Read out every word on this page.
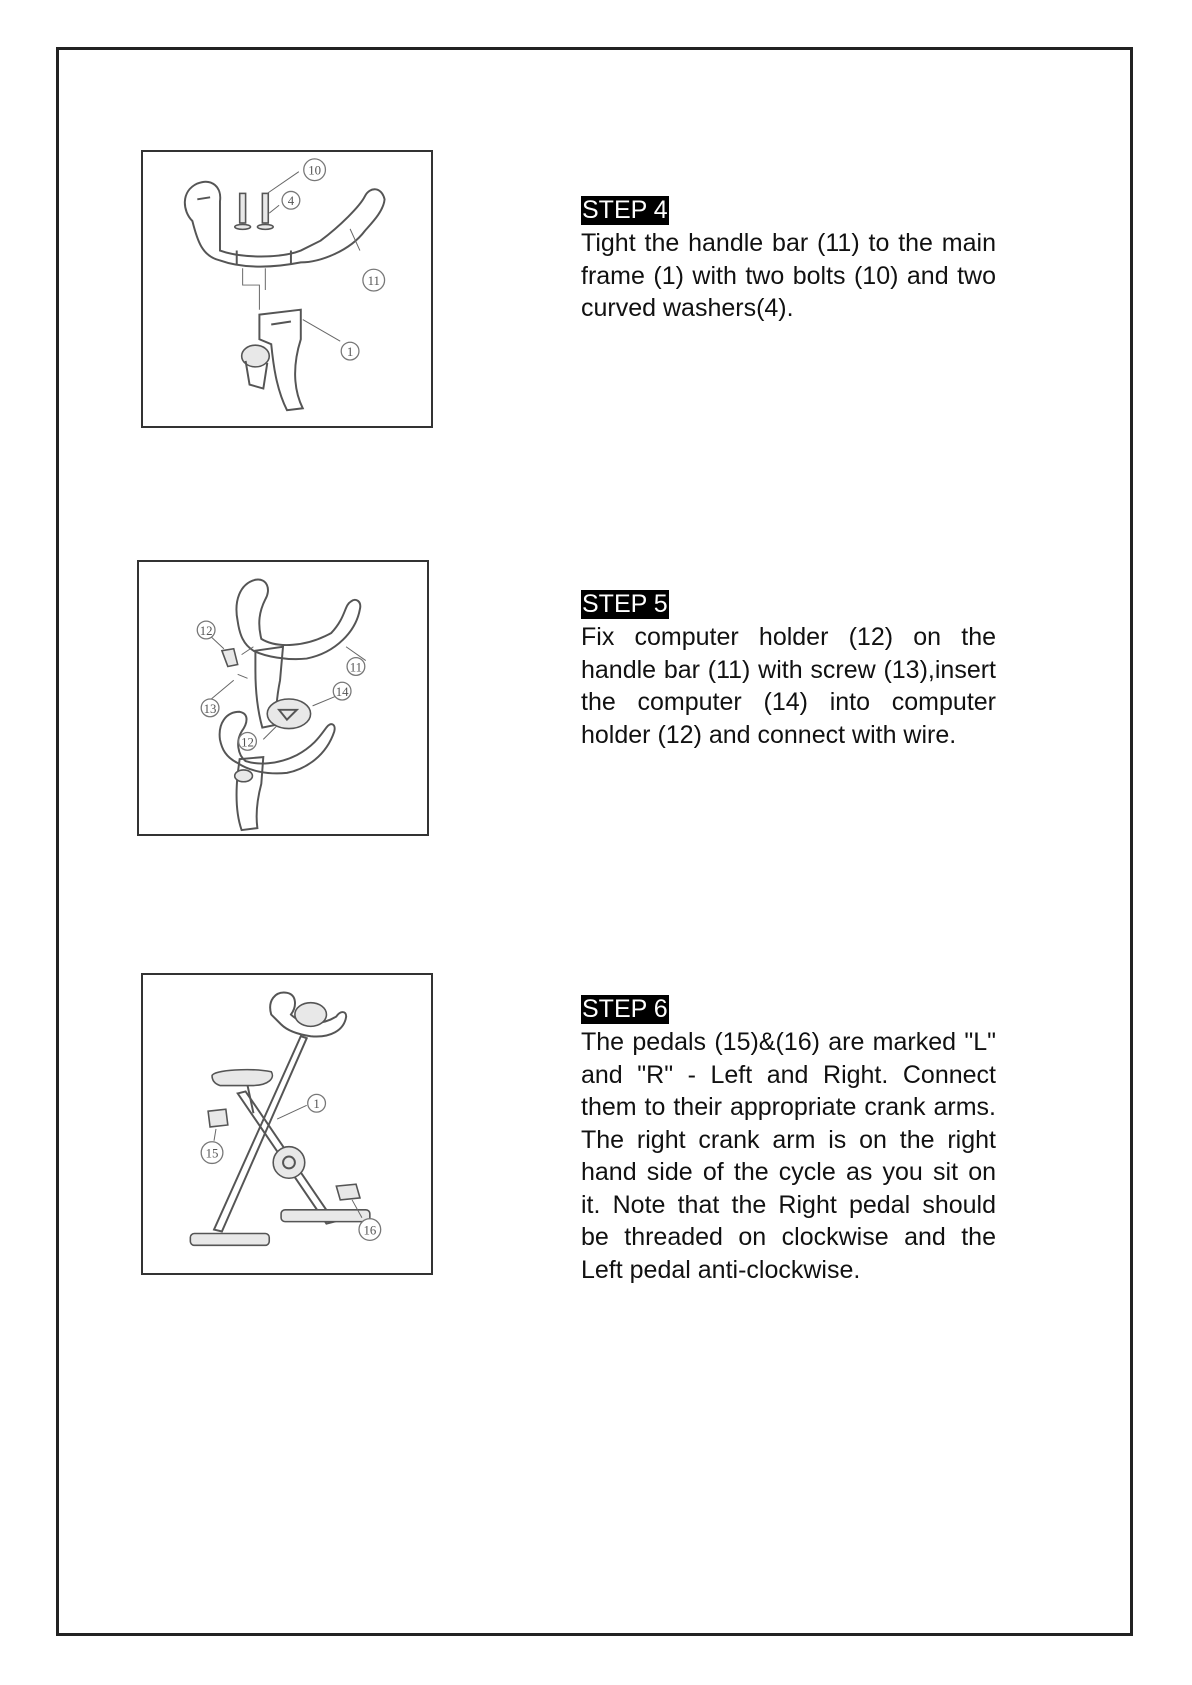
10
4
11
1
STEP 4

Tight the handle bar (11) to the main frame (1) with two bolts (10) and two curved washers(4).

12
11
14
13
12
STEP 5

Fix computer holder (12) on the handle bar (11) with screw (13),insert the computer (14) into computer holder (12) and connect with wire.

1
15
16
STEP 6

The pedals (15)&(16) are marked "L" and "R" - Left and Right. Connect them to their appropriate crank arms. The right crank arm is on the right hand side of the cycle as you sit on it. Note that the Right pedal should be threaded on clockwise and the Left pedal anti-clockwise.
